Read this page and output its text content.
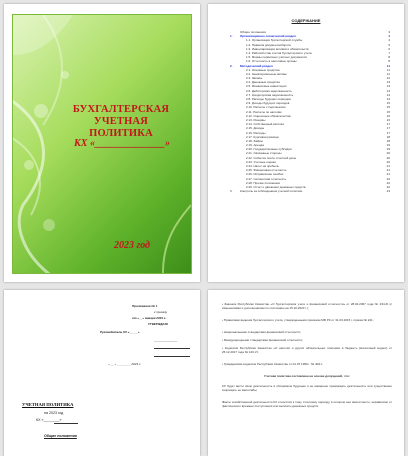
БУХГАЛТЕРСКАЯ
УЧЕТНАЯ ПОЛИТИКА
КХ «______________»
2023 год
СОДЕРЖАНИЕ
Общие положения	3
1.	Организационно-технический раздел	4
1.1. Организация бухгалтерской службы	4
1.2. Правила документооборота	5
1.3. Инвентаризация активов и обязательств	6
1.4. Рабочий план счетов бухгалтерского учета	7
1.5. Формы первичных учетных документов	8
1.6. Отчетность в налоговые органы	8
2.	Методический раздел	11
2.1. Основные средства	11
2.2. Нематериальные активы	11
2.3. Запасы	12
2.4. Денежные средства	13
2.5. Финансовые инвестиции	13
2.6. Дебиторская задолженность	14
2.7. Кредиторская задолженность	14
2.8. Расходы будущих периодов	14
2.9. Доходы будущих периодов	15
2.10. Расчеты с персоналом	15
2.11. Расчеты по налогам	15
2.12. Оценочные обязательства	16
2.13. Резервы	16
2.14. Собственный капитал	17
2.15. Доходы	17
2.16. Расходы	17
2.17. Курсовая разница	18
2.18. Займы	18
2.19. Аренда	19
2.20. Государственные субсидии	19
2.21. Связанные стороны	20
2.22. События после отчетной даты	20
2.23. Учетные оценки	20
2.24. Налог на прибыль	21
2.25. Финансовая отчетность	21
2.26. Исправление ошибок	21
2.27. Сегментная отчетность	22
2.28. Прочие положения	22
2.29. Отчет о движении денежных средств	22
3.	Контроль за соблюдением учетной политики	23
Приложение № 1
к приказу
от «__» января 2023 г.
УТВЕРЖДАЮ
Руководитель КХ «_____»
______________
« __ » ________ 2023 г.
УЧЕТНАЯ ПОЛИТИКА
на 2023 год
КХ «________»
Общие положения
• Законом Республики Казахстан «О бухгалтерском учете и финансовой отчетности» от 28.02.2007 года № 234-III (с изменениями и дополнениями по состоянию на 15.10.2023 г.);
• Правилами ведения бухгалтерского учета, утвержденными приказом МФ РК от 31.03.2015 г. приказ № 241;
• Национальными стандартами финансовой отчетности;
• Международными стандартами финансовой отчетности;
• Кодексом Республики Казахстан «О налогах и других обязательных платежах в бюджет» (Налоговый кодекс) от 25.12.2017 года № 120-VI;
• Гражданским кодексом Республики Казахстан от 01.07.1999 г. № 409-I;
Учетная политика составлена на основе допущений, что:
КХ будет вести свою деятельность в обозримом будущем и не намерено прекращать деятельность или существенно сокращать ее масштабы;
Факты хозяйственной деятельности КХ относятся к тому отчетному периоду, в котором они имели место, независимо от фактического времени поступления или выплаты денежных средств.
